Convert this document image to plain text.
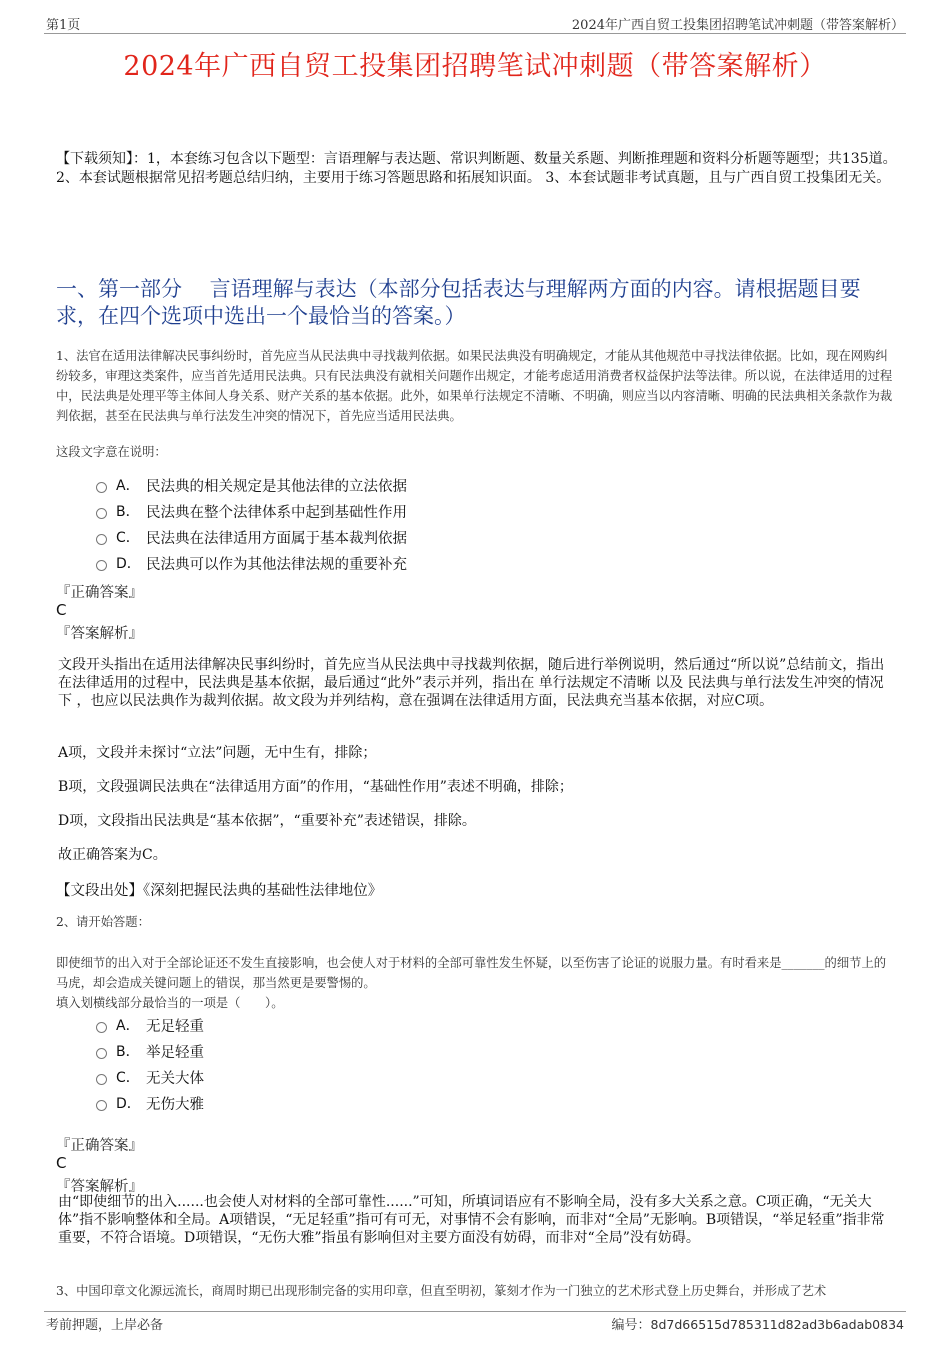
第1页	2024年广西自贸工投集团招聘笔试冲刺题（带答案解析）
2024年广西自贸工投集团招聘笔试冲刺题（带答案解析）
【下载须知】：1，本套练习包含以下题型：言语理解与表达题、常识判断题、数量关系题、判断推理题和资料分析题等题型；共135道。 2、本套试题根据常见招考题总结归纳，主要用于练习答题思路和拓展知识面。 3、本套试题非考试真题，且与广西自贸工投集团无关。
一、第一部分　 言语理解与表达（本部分包括表达与理解两方面的内容。请根据题目要求，在四个选项中选出一个最恰当的答案。）
1、法官在适用法律解决民事纠纷时，首先应当从民法典中寻找裁判依据。如果民法典没有明确规定，才能从其他规范中寻找法律依据。比如，现在网购纠纷较多，审理这类案件，应当首先适用民法典。只有民法典没有就相关问题作出规定，才能考虑适用消费者权益保护法等法律。所以说，在法律适用的过程中，民法典是处理平等主体间人身关系、财产关系的基本依据。此外，如果单行法规定不清晰、不明确，则应当以内容清晰、明确的民法典相关条款作为裁判依据，甚至在民法典与单行法发生冲突的情况下，首先应当适用民法典。
这段文字意在说明：
A． 民法典的相关规定是其他法律的立法依据
B． 民法典在整个法律体系中起到基础性作用
C． 民法典在法律适用方面属于基本裁判依据
D． 民法典可以作为其他法律法规的重要补充
『正确答案』
C
『答案解析』
文段开头指出在适用法律解决民事纠纷时，首先应当从民法典中寻找裁判依据，随后进行举例说明，然后通过“所以说”总结前文，指出在法律适用的过程中，民法典是基本依据，最后通过“此外”表示并列，指出在 单行法规定不清晰 以及 民法典与单行法发生冲突的情况下 ，也应以民法典作为裁判依据。故文段为并列结构，意在强调在法律适用方面，民法典充当基本依据，对应C项。
A项，文段并未探讨“立法”问题，无中生有，排除；
B项，文段强调民法典在“法律适用方面”的作用，“基础性作用”表述不明确，排除；
D项，文段指出民法典是“基本依据”，“重要补充”表述错误，排除。
故正确答案为C。
【文段出处】《深刻把握民法典的基础性法律地位》
2、请开始答题：
即使细节的出入对于全部论证还不发生直接影响，也会使人对于材料的全部可靠性发生怀疑，以至伤害了论证的说服力量。有时看来是_______的细节上的马虎，却会造成关键问题上的错误，那当然更是要警惕的。
填入划横线部分最恰当的一项是（　　）。
A． 无足轻重
B． 举足轻重
C． 无关大体
D． 无伤大雅
『正确答案』
C
『答案解析』
由“即使细节的出入......也会使人对材料的全部可靠性......”可知，所填词语应有不影响全局，没有多大关系之意。C项正确，“无关大体”指不影响整体和全局。A项错误，“无足轻重”指可有可无，对事情不会有影响，而非对“全局”无影响。B项错误，“举足轻重”指非常重要，不符合语境。D项错误，“无伤大雅”指虽有影响但对主要方面没有妨碍，而非对“全局”没有妨碍。
3、中国印章文化源远流长，商周时期已出现形制完备的实用印章，但直至明初，篆刻才作为一门独立的艺术形式登上历史舞台，并形成了艺术
考前押题，上岸必备	编号：8d7d66515d785311d82ad3b6adab0834
